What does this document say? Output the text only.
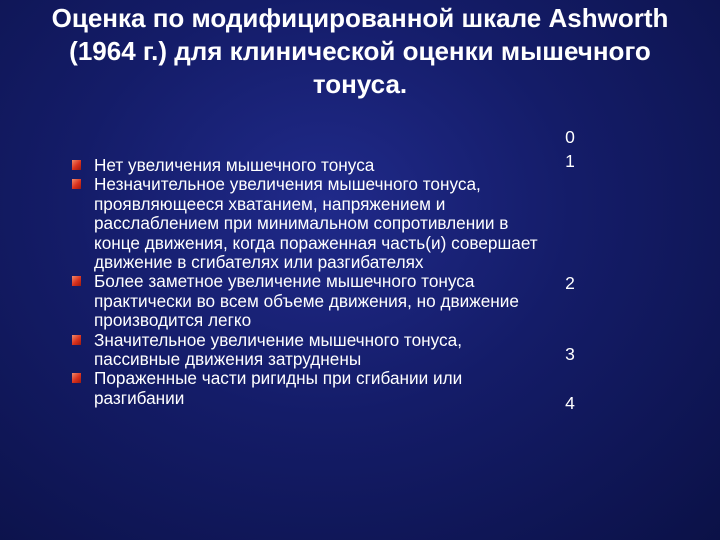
Оценка по модифицированной шкале Ashworth (1964 г.) для клинической оценки мышечного тонуса.
Нет увеличения мышечного тонуса
Незначительное увеличения мышечного тонуса, проявляющееся хватанием, напряжением и расслаблением при минимальном сопротивлении в конце движения, когда пораженная часть(и) совершает движение в сгибателях или разгибателях
Более заметное увеличение мышечного тонуса практически во всем объеме движения, но движение производится легко
Значительное увеличение мышечного тонуса, пассивные движения затруднены
Пораженные части ригидны при сгибании или разгибании
0
1
2
3
4
